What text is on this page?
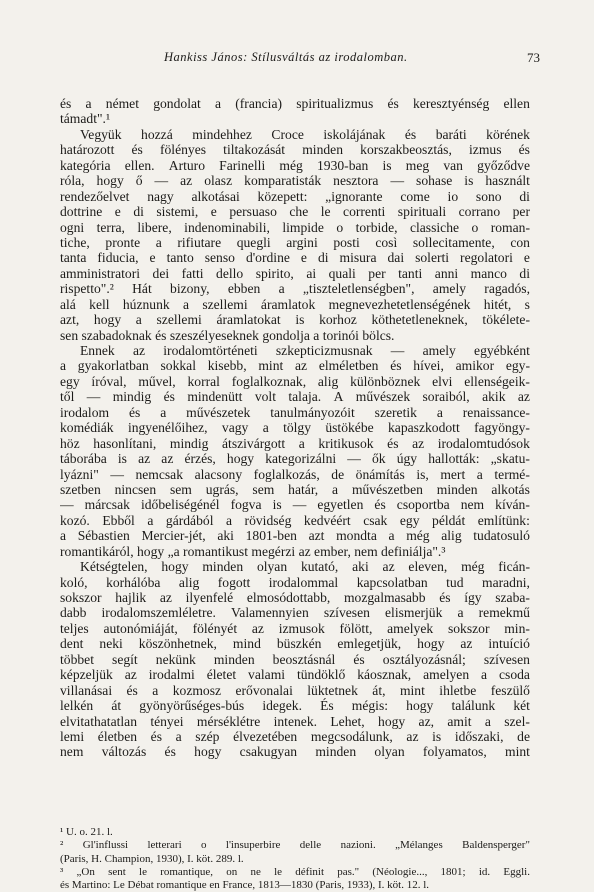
Hankiss János: Stílusváltás az irodalomban.	73
és a német gondolat a (francia) spiritualizmus és keresztyénség ellen
támadt".¹
Vegyük hozzá mindehhez Croce iskolájának és baráti körének
határozott és fölényes tiltakozását minden korszakbeosztás, izmus és
kategória ellen. Arturo Farinelli még 1930-ban is meg van győződve
róla, hogy ő — az olasz komparatisták nesztora — sohase is használt
rendezőelvet nagy alkotásai közepett: „ignorante come io sono di
dottrine e di sistemi, e persuaso che le correnti spirituali corrano per
ogni terra, libere, indenominabili, limpide o torbide, classiche o roman-
tiche, pronte a rifiutare quegli argini posti così sollecitamente, con
tanta fiducia, e tanto senso d'ordine e di misura dai solerti regolatori e
amministratori dei fatti dello spirito, ai quali per tanti anni manco di
rispetto".² Hát bizony, ebben a „tiszteletlenségben", amely ragadós,
alá kell húznunk a szellemi áramlatok megnevezhetetlenségének hitét, s
azt, hogy a szellemi áramlatokat is korhoz köthetetleneknek, tökélete-
sen szabadoknak és szeszélyeseknek gondolja a torinói bölcs.
Ennek az irodalomtörténeti szkepticizmusnak — amely egyébként
a gyakorlatban sokkal kisebb, mint az elméletben és hívei, amikor egy-
egy íróval, művel, korral foglalkoznak, alig különböznek elvi ellenségeik-
től — mindig és mindenütt volt talaja. A művészek soraiból, akik az
irodalom és a művészetek tanulmányozóit szeretik a renaissance-
komédiák ingyenélőihez, vagy a tölgy üstökébe kapaszkodott fagyöngy-
höz hasonlítani, mindig átszivárgott a kritikusok és az irodalomtudósok
táborába is az az érzés, hogy kategorizálni — ők úgy hallották: „skatu-
lyázni" — nemcsak alacsony foglalkozás, de önámítás is, mert a termé-
szetben nincsen sem ugrás, sem határ, a művészetben minden alkotás
— márcsak időbeliségénél fogva is — egyetlen és csoportba nem kíván-
kozó. Ebből a gárdából a rövidség kedvéért csak egy példát említünk:
a Sébastien Mercier-jét, aki 1801-ben azt mondta a még alig tudatosuló
romantikáról, hogy „a romantikust megérzi az ember, nem definiálja".³
Kétségtelen, hogy minden olyan kutató, aki az eleven, még ficán-
koló, korhálóba alig fogott irodalommal kapcsolatban tud maradni,
sokszor hajlik az ilyenfelé elmosódottabb, mozgalmasabb és így szaba-
dabb irodalomszemléletre. Valamennyien szívesen elismerjük a remekmű
teljes autonómiáját, fölényét az izmusok fölött, amelyek sokszor min-
dent neki köszönhetnek, mind büszkén emlegetjük, hogy az intuíció
többet segít nekünk minden beosztásnál és osztályozásnál; szívesen
képzeljük az irodalmi életet valami tündöklő káosznak, amelyen a csoda
villanásai és a kozmosz erővonalai lüktetnek át, mint ihletbe feszülő
lelkén át gyönyörűséges-bús idegek. És mégis: hogy találunk két
elvitathatatlan tényei mérséklétre intenek. Lehet, hogy az, amit a szel-
lemi életben és a szép élvezetében megcsodálunk, az is időszaki, de
nem változás és hogy csakugyan minden olyan folyamatos, mint
¹ U. o. 21. l.
² Gl'influssi letterari o l'insuperbire delle nazioni. „Mélanges Baldensperger"
(Paris, H. Champion, 1930), I. köt. 289. l.
³ „On sent le romantique, on ne le définit pas." (Néologie..., 1801; id. Eggli.
és Martino: Le Débat romantique en France, 1813—1830 (Paris, 1933), I. köt. 12. l.
